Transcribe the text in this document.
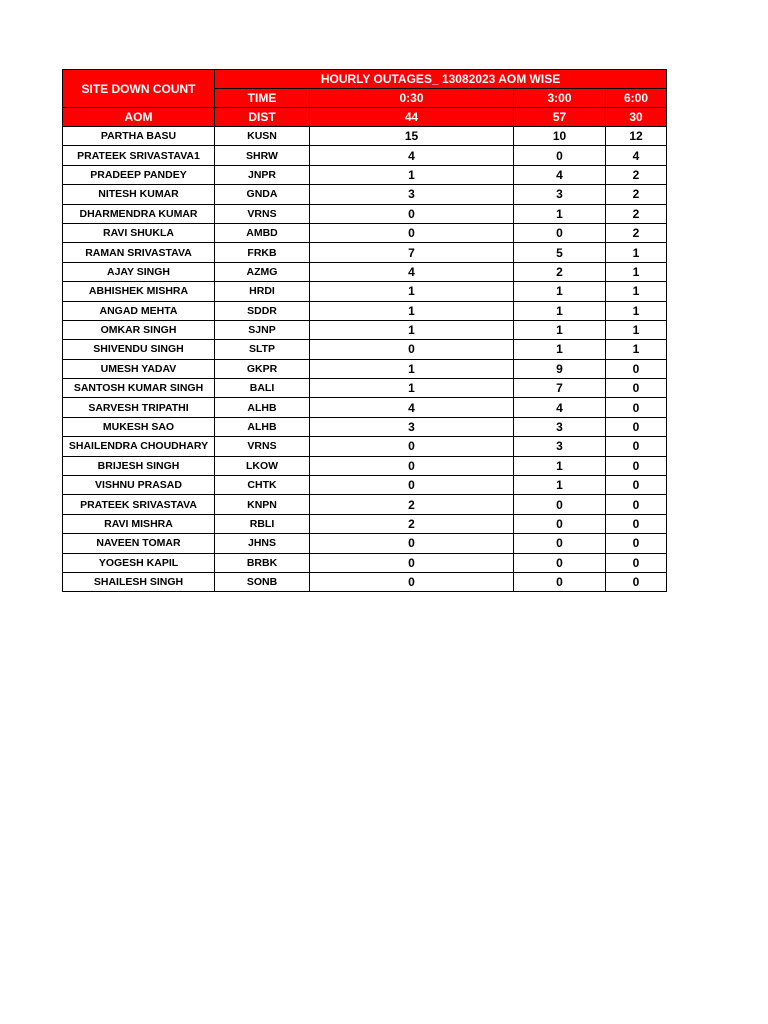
SITE DOWN COUNT	HOURLY OUTAGES_ 13082023 AOM WISE			
	TIME	0:30	3:00	6:00
AOM	DIST	44	57	30
PARTHA BASU	KUSN	15	10	12
PRATEEK SRIVASTAVA1	SHRW	4	0	4
PRADEEP PANDEY	JNPR	1	4	2
NITESH KUMAR	GNDA	3	3	2
DHARMENDRA KUMAR	VRNS	0	1	2
RAVI SHUKLA	AMBD	0	0	2
RAMAN SRIVASTAVA	FRKB	7	5	1
AJAY SINGH	AZMG	4	2	1
ABHISHEK MISHRA	HRDI	1	1	1
ANGAD MEHTA	SDDR	1	1	1
OMKAR SINGH	SJNP	1	1	1
SHIVENDU SINGH	SLTP	0	1	1
UMESH YADAV	GKPR	1	9	0
SANTOSH KUMAR SINGH	BALI	1	7	0
SARVESH TRIPATHI	ALHB	4	4	0
MUKESH SAO	ALHB	3	3	0
SHAILENDRA CHOUDHARY	VRNS	0	3	0
BRIJESH SINGH	LKOW	0	1	0
VISHNU PRASAD	CHTK	0	1	0
PRATEEK SRIVASTAVA	KNPN	2	0	0
RAVI MISHRA	RBLI	2	0	0
NAVEEN TOMAR	JHNS	0	0	0
YOGESH KAPIL	BRBK	0	0	0
SHAILESH SINGH	SONB	0	0	0
